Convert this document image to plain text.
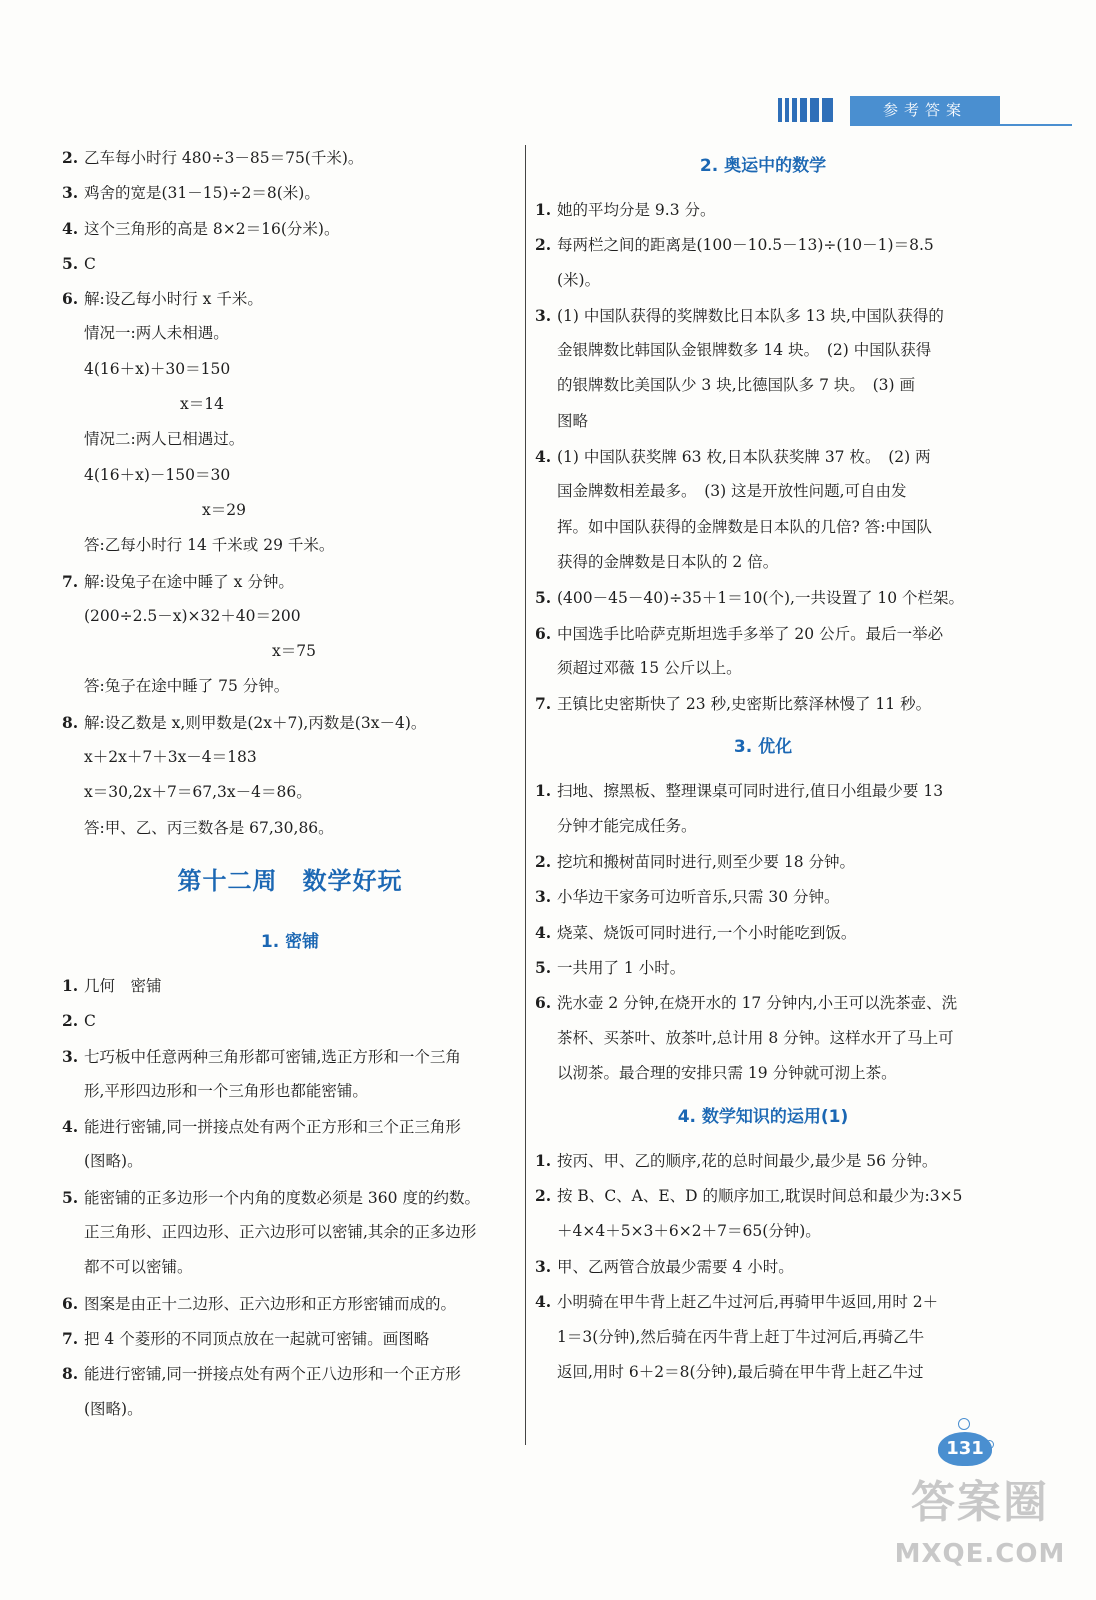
参考答案
2. 乙车每小时行 480÷3－85＝75(千米)。
3. 鸡舍的宽是(31－15)÷2＝8(米)。
4. 这个三角形的高是 8×2＝16(分米)。
5. C
6. 解:设乙每小时行 x 千米。
情况一:两人未相遇。
4(16＋x)＋30＝150
x＝14
情况二:两人已相遇过。
4(16＋x)－150＝30
x＝29
答:乙每小时行 14 千米或 29 千米。
7. 解:设兔子在途中睡了 x 分钟。
(200÷2.5－x)×32＋40＝200
x＝75
答:兔子在途中睡了 75 分钟。
8. 解:设乙数是 x,则甲数是(2x＋7),丙数是(3x－4)。
x＋2x＋7＋3x－4＝183
x＝30,2x＋7＝67,3x－4＝86。
答:甲、乙、丙三数各是 67,30,86。
第十二周　数学好玩
1. 密铺
1. 几何　密铺
2. C
3. 七巧板中任意两种三角形都可密铺,选正方形和一个三角
形,平形四边形和一个三角形也都能密铺。
4. 能进行密铺,同一拼接点处有两个正方形和三个正三角形
(图略)。
5. 能密铺的正多边形一个内角的度数必须是 360 度的约数。
正三角形、正四边形、正六边形可以密铺,其余的正多边形
都不可以密铺。
6. 图案是由正十二边形、正六边形和正方形密铺而成的。
7. 把 4 个菱形的不同顶点放在一起就可密铺。画图略
8. 能进行密铺,同一拼接点处有两个正八边形和一个正方形
(图略)。
2. 奥运中的数学
1. 她的平均分是 9.3 分。
2. 每两栏之间的距离是(100－10.5－13)÷(10－1)＝8.5
(米)。
3. (1) 中国队获得的奖牌数比日本队多 13 块,中国队获得的
金银牌数比韩国队金银牌数多 14 块。　(2) 中国队获得
的银牌数比美国队少 3 块,比德国队多 7 块。　(3) 画
图略
4. (1) 中国队获奖牌 63 枚,日本队获奖牌 37 枚。　(2) 两
国金牌数相差最多。　(3) 这是开放性问题,可自由发
挥。如中国队获得的金牌数是日本队的几倍? 答:中国队
获得的金牌数是日本队的 2 倍。
5. (400－45－40)÷35＋1＝10(个),一共设置了 10 个栏架。
6. 中国选手比哈萨克斯坦选手多举了 20 公斤。最后一举必
须超过邓薇 15 公斤以上。
7. 王镇比史密斯快了 23 秒,史密斯比蔡泽林慢了 11 秒。
3. 优化
1. 扫地、擦黑板、整理课桌可同时进行,值日小组最少要 13
分钟才能完成任务。
2. 挖坑和搬树苗同时进行,则至少要 18 分钟。
3. 小华边干家务可边听音乐,只需 30 分钟。
4. 烧菜、烧饭可同时进行,一个小时能吃到饭。
5. 一共用了 1 小时。
6. 洗水壶 2 分钟,在烧开水的 17 分钟内,小王可以洗茶壶、洗
茶杯、买茶叶、放茶叶,总计用 8 分钟。这样水开了马上可
以沏茶。最合理的安排只需 19 分钟就可沏上茶。
4. 数学知识的运用(1)
1. 按丙、甲、乙的顺序,花的总时间最少,最少是 56 分钟。
2. 按 B、C、A、E、D 的顺序加工,耽误时间总和最少为:3×5
＋4×4＋5×3＋6×2＋7＝65(分钟)。
3. 甲、乙两管合放最少需要 4 小时。
4. 小明骑在甲牛背上赶乙牛过河后,再骑甲牛返回,用时 2＋
1＝3(分钟),然后骑在丙牛背上赶丁牛过河后,再骑乙牛
返回,用时 6＋2＝8(分钟),最后骑在甲牛背上赶乙牛过
131
答案圈
MXQE.COM
